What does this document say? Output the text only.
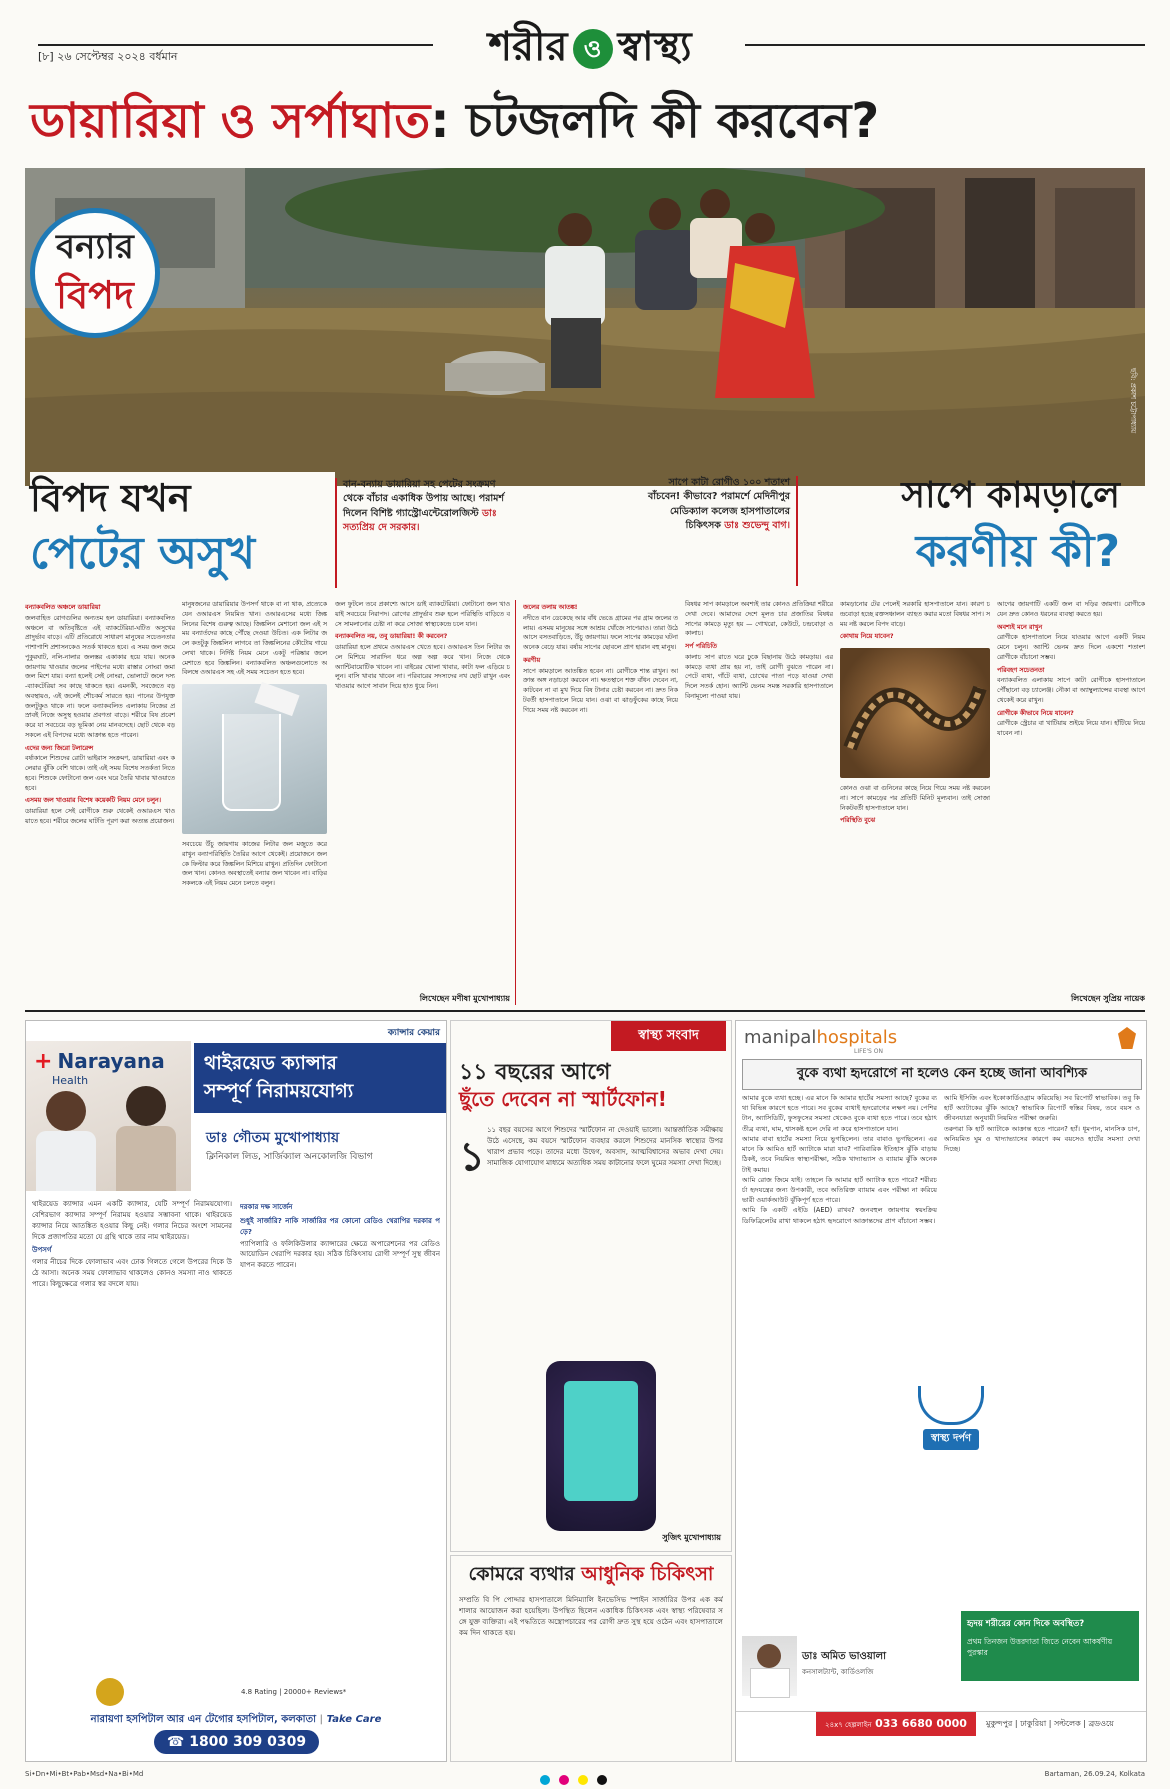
[৮] ২৬ সেপ্টেম্বর ২০২৪ বর্ধমান	শরীর ও স্বাস্থ্য
ডায়ারিয়া ও সর্পাঘাত: চটজলদি কী করবেন?
ছবি: প্রকাশ চট্টোপাধ্যায়
বন্যার
বিপদ
বিপদ যখন
পেটের অসুখ
বান-বন্যায় ডায়ারিয়া সহ পেটের সংক্রমণ থেকে বাঁচার একাধিক উপায় আছে। পরামর্শ দিলেন বিশিষ্ট গ্যাস্ট্রোএন্টেরোলজিস্ট ডাঃ সত্যপ্রিয় দে সরকার।
সাপে কাটা রোগীও ১০০ শতাংশ বাঁচবেন! কীভাবে? পরামর্শে মেদিনীপুর মেডিক্যাল কলেজ হাসপাতালের চিকিৎসক ডাঃ শুভেন্দু বাগ।
সাপে কামড়ালে
করণীয় কী?
বন্যাকবলিত অঞ্চলে ডায়ারিয়া
জলবাহিত রোগগুলির অন্যতম হল ডায়ারিয়া। বন্যাকবলিত অঞ্চলে বা অতিবৃষ্টিতে এই ব্যাকটেরিয়া-ঘটিত অসুখের প্রাদুর্ভাব বাড়ে। এটি প্রতিরোধে সাধারণ মানুষের সচেতনতার পাশাপাশি প্রশাসনকেও সতর্ক থাকতে হবে। এ সময় জল জমে পুকুরঘাট, নলি-নালার জলস্তর একাকার হয়ে যায়। অনেক জায়গায় খাওয়ার জলের পাইপের মধ্যে রাস্তার নোংরা জমা জল মিশে যায়। বন্যা হলেই সেই নোংরা, ভোলাটে জলে দস্য-ব্যাকটেরিয়া সব কাছে থাকতে হয়। এমনকী, সবজেতে বড় অবস্থায়ও, এই জলেই শৌচকর্ম সারতে হয়। পানের উপযুক্ত জলটুকুও থাকে না। ফলে বন্যাকবলিত এলাকায় নিজের প্রস্রাবই নিজে অসুস্থ হওয়ার প্রবণতা বাড়ে। শরীরে বিষ প্রবেশ করে যা সবচেয়ে বড় ভূমিকা নেয় মানবদেহে। ছোট থেকে বড় সকলে এই বিপদের মধ্যে আক্রান্ত হতে পারেন।
এদের জন্য জিরো টলারেন্স
বর্ষাকালে শিশুদের রোটা ভাইরাস সংক্রমণ, ডায়ারিয়া এবং কলেরার ঝুঁকি বেশি থাকে। তাই এই সময় বিশেষ সতর্কতা নিতে হবে। শিশুকে ফোটানো জল এবং ঘরে তৈরি খাবার খাওয়াতে হবে।
এসময় জল খাওয়ার বিশেষ কয়েকটি নিয়ম মেনে চলুন।
ডায়ারিয়া হলে সেই রোগীকে শুরু থেকেই ওআরএস খাওয়াতে হবে। শরীরে জলের ঘাটতি পূরণ করা অত্যন্ত প্রয়োজন।
মানুষজনের ডায়ারিয়ার উপসর্গ থাকে বা না থাক, প্রত্যেকে যেন ওআরএস নিয়মিত খান। ওআরএসের মধ্যে জিঙ্কলিনের বিশেষ গুরুত্ব আছে। জিঙ্কলিন মেশানো জল এই সময় বন্যার্তদের কাছে পৌঁছে দেওয়া উচিত। এক লিটার জলে কতটুকু জিঙ্কলিন লাগবে তা জিঙ্কলিনের কৌটোয় গায়ে লেখা থাকে। নির্দিষ্ট নিয়ম মেনে একটু পরিষ্কার জলে মেশাতে হবে জিঙ্কলিন। বন্যাকবলিত অঞ্চলগুলোতে অবিলম্বে ওআরএস সহ এই সময় সচেতন হতে হবে।
সবচেয়ে উঁচু জায়গায় কাজের লিটার জল মজুতে করে রাখুন বন্যাপরিস্থিতি তৈরির আগে থেকেই। প্রয়োজনে জলকে ফিল্টার করে জিঙ্কলিন মিশিয়ে রাখুন। প্রতিদিন ফোটানো জল খান। কোনও অবস্থাতেই বন্যার জল খাবেন না। বাড়ির সকলকে এই নিয়ম মেনে চলতে বলুন।
জল ফুটলে তবে প্রকাশ্যে আসে ডাই ব্যাকটেরিয়া। ফোটানো জল খাওয়াই সবচেয়ে নিরাপদ। রোগের প্রাদুর্ভাব শুরু হলে পরিস্থিতি বাড়িতে বসে সামলানোর চেষ্টা না করে সোজা স্বাস্থ্যকেন্দ্রে চলে যান।
বন্যাকবলিত নয়, তবু ডায়ারিয়া! কী করবেন?
ডায়ারিয়া হলে প্রথমে ওআরএস খেতে হবে। ওআরএস তিন লিটার জলে মিশিয়ে সারাদিন ধরে অল্প অল্প করে খান। নিজে থেকে অ্যান্টিবায়োটিক খাবেন না। বাইরের খোলা খাবার, কাটা ফল এড়িয়ে চলুন। বাসি খাবার খাবেন না। পরিবারের সদস্যদের নখ ছোট রাখুন এবং খাওয়ার আগে সাবান দিয়ে হাত ধুয়ে নিন।
লিখেছেন মণীষা মুখোপাধ্যায়
জলের তলায় আতঙ্ক!
নদীতে বান ডেকেছে আর বাঁধ ভেঙে গ্রামের পর গ্রাম জলের তলায়। এসময় মানুষের সঙ্গে আশ্রয় খোঁজে সাপেরাও। তারা উঠে আসে বসতবাড়িতে, উঁচু জায়গায়। ফলে সাপের কামড়ের ঘটনা অনেক বেড়ে যায়। বর্ষায় সাপের ছোবলে প্রাণ হারান বহু মানুষ।
করণীয়
সাপে কামড়ালে আতঙ্কিত হবেন না। রোগীকে শান্ত রাখুন। আক্রান্ত অঙ্গ নড়াচড়া করবেন না। ক্ষতস্থানে শক্ত বাঁধন দেবেন না, কাটবেন না বা মুখ দিয়ে বিষ টানার চেষ্টা করবেন না। দ্রুত নিকটবর্তী হাসপাতালে নিয়ে যান। ওঝা বা ঝাড়ফুঁকের কাছে নিয়ে গিয়ে সময় নষ্ট করবেন না।
বিষধর সাপ কামড়ালে অবশ্যই তার কোনও প্রতিক্রিয়া শরীরে দেখা দেবে। আমাদের দেশে মূলত চার প্রজাতির বিষধর সাপের কামড়ে মৃত্যু হয় — গোখরো, কেউটে, চন্দ্রবোড়া ও কালাচ।
সর্প পরিচিতি
কালাচ সাপ রাতে ঘরে ঢুকে বিছানায় উঠে কামড়ায়। এর কামড়ে ব্যথা প্রায় হয় না, তাই রোগী বুঝতে পারেন না। পেটে ব্যথা, গাঁটে ব্যথা, চোখের পাতা পড়ে যাওয়া দেখা দিলে সতর্ক হোন। অ্যান্টি ভেনম সমস্ত সরকারি হাসপাতালে বিনামূল্যে পাওয়া যায়।
কামড়ানোর টের পেলেই সরকারি হাসপাতালে যান। কারণ চন্দ্রবোড়া হচ্ছে রক্তসঞ্চালন ব্যাহত করার মতো বিষধর সাপ। সময় নষ্ট করলে বিপদ বাড়ে।
কোথায় নিয়ে যাবেন?
কোনও ওঝা বা গুনিনের কাছে নিয়ে গিয়ে সময় নষ্ট করবেন না। সাপে কামড়ের পর প্রতিটি মিনিট মূল্যবান। তাই সোজা নিকটবর্তী হাসপাতালে যান।
পরিস্থিতি বুঝে
আগের জায়গাটি একটি জল বা দড়ির জায়গা। রোগীকে যেন দ্রুত কোনও ধরনের ব্যবস্থা করতে হয়।
অবশ্যই মনে রাখুন
রোগীকে হাসপাতালে নিয়ে যাওয়ার আগে একটি নিয়ম মেনে চলুন। অ্যান্টি ভেনম দ্রুত দিলে একশো শতাংশ রোগীকে বাঁচানো সম্ভব।
পরিবহণ সচেতনতা
বন্যাকবলিত এলাকায় সাপে কাটা রোগীকে হাসপাতালে পৌঁছানো বড় চ্যালেঞ্জ। নৌকা বা অ্যাম্বুল্যান্সের ব্যবস্থা আগে থেকেই করে রাখুন।
রোগীকে কীভাবে নিয়ে যাবেন?
রোগীকে স্ট্রেচার বা খাটিয়ায় শুইয়ে নিয়ে যান। হাঁটিয়ে নিয়ে যাবেন না।
লিখেছেন সুপ্রিয় নায়েক
+ Narayana
Health
ক্যান্সার কেয়ার
থাইরয়েড ক্যান্সার
সম্পূর্ণ নিরাময়যোগ্য
ডাঃ গৌতম মুখোপাধ্যায়
ক্লিনিকাল লিড, সার্জিক্যাল অনকোলজি বিভাগ
থাইরয়েড ক্যান্সার এমন একটি ক্যান্সার, যেটি সম্পূর্ণ নিরাময়যোগ্য। বেশিরভাগ ক্যান্সার সম্পূর্ণ নিরাময় হওয়ার সম্ভাবনা থাকে। থাইরয়েড ক্যান্সার নিয়ে আতঙ্কিত হওয়ার কিছু নেই। গলার নিচের অংশে সামনের দিকে প্রজাপতির মতো যে গ্রন্থি থাকে তার নাম থাইরয়েড।
উপসর্গ
গলার নীচের দিকে ফোলাভাব এবং ঢোক গিলতে গেলে উপরের দিকে উঠে আসা। অনেক সময় ফোলাভাব থাকলেও কোনও সমস্যা নাও থাকতে পারে। কিছুক্ষেত্রে গলার স্বর বদলে যায়।
দরকার দক্ষ সার্জেন
শুধুই সার্জারি? নাকি সার্জারির পর কোনো রেডিও থেরাপির দরকার পড়ে?
প্যাপিলারি ও ফলিকিউলার ক্যান্সারের ক্ষেত্রে অপারেশনের পর রেডিও আয়োডিন থেরাপি দরকার হয়। সঠিক চিকিৎসায় রোগী সম্পূর্ণ সুস্থ জীবনযাপন করতে পারেন।
4.8 Rating | 20000+ Reviews*
নারায়ণা হসপিটাল আর এন টেগোর হসপিটাল, কলকাতা | Take Care
☎ 1800 309 0309
স্বাস্থ্য সংবাদ
১১ বছরের আগে
ছুঁতে দেবেন না স্মার্টফোন!
১
১১ বছর বয়সের আগে শিশুদের স্মার্টফোন না দেওয়াই ভালো। আন্তর্জাতিক সমীক্ষায় উঠে এসেছে, কম বয়সে স্মার্টফোন ব্যবহার করলে শিশুদের মানসিক স্বাস্থ্যের উপর খারাপ প্রভাব পড়ে। তাদের মধ্যে উদ্বেগ, অবসাদ, আত্মবিশ্বাসের অভাব দেখা দেয়। সামাজিক যোগাযোগ মাধ্যমে অত্যধিক সময় কাটানোর ফলে ঘুমের সমস্যা দেখা দিচ্ছে।
সুজিৎ মুখোপাধ্যায়
কোমরে ব্যথার আধুনিক চিকিৎসা
সম্প্রতি বি পি পোদ্দার হাসপাতালে মিনিম্যালি ইনভেসিভ স্পাইন সার্জারির উপর এক কর্মশালার আয়োজন করা হয়েছিল। উপস্থিত ছিলেন একাধিক চিকিৎসক এবং স্বাস্থ্য পরিষেবার সঙ্গে যুক্ত ব্যক্তিরা। এই পদ্ধতিতে অস্ত্রোপচারের পর রোগী দ্রুত সুস্থ হয়ে ওঠেন এবং হাসপাতালে কম দিন থাকতে হয়।
manipalhospitals
LIFE'S ON
বুকে ব্যথা হৃদরোগে না হলেও কেন হচ্ছে জানা আবশ্যিক
আমার বুকে ব্যথা হচ্ছে। এর মানে কি আমার হার্টের সমস্যা আছে? বুকের ব্যথা বিভিন্ন কারণে হতে পারে। সব বুকের ব্যথাই হৃদরোগের লক্ষণ নয়। পেশির টান, অ্যাসিডিটি, ফুসফুসের সমস্যা থেকেও বুকে ব্যথা হতে পারে। তবে হঠাৎ তীব্র ব্যথা, ঘাম, শ্বাসকষ্ট হলে দেরি না করে হাসপাতালে যান।
আমার বাবা হার্টের সমস্যা নিয়ে ভুগছিলেন। তার বাবাও ভুগছিলেন। এর মানে কি আমিও হার্ট অ্যাটাকে মারা যাব? পারিবারিক ইতিহাস ঝুঁকি বাড়ায় ঠিকই, তবে নিয়মিত স্বাস্থ্যপরীক্ষা, সঠিক খাদ্যাভ্যাস ও ব্যায়াম ঝুঁকি অনেকটাই কমায়।
আমি রোজ জিমে যাই। তাহলে কি আমার হার্ট অ্যাটাক হতে পারে? শরীরচর্চা হৃদযন্ত্রের জন্য উপকারী, তবে অতিরিক্ত ব্যায়াম এবং পরীক্ষা না করিয়ে ভারী ওয়ার্কআউট ঝুঁকিপূর্ণ হতে পারে।
আমি কি একটি এইডি (AED) রাখব? জনবহুল জায়গায় স্বয়ংক্রিয় ডিফিব্রিলেটর রাখা থাকলে হঠাৎ হৃদরোগে আক্রান্তদের প্রাণ বাঁচানো সম্ভব।
আমি ইসিজি এবং ইকোকার্ডিওগ্রাম করিয়েছি। সব রিপোর্ট স্বাভাবিক। তবু কি হার্ট অ্যাটাকের ঝুঁকি আছে? স্বাভাবিক রিপোর্ট স্বস্তির বিষয়, তবে বয়স ও জীবনযাত্রা অনুযায়ী নিয়মিত পরীক্ষা জরুরি।
তরুণরা কি হার্ট অ্যাটাকে আক্রান্ত হতে পারেন? হ্যাঁ। ধূমপান, মানসিক চাপ, অনিয়মিত ঘুম ও খাদ্যাভ্যাসের কারণে কম বয়সেও হার্টের সমস্যা দেখা দিচ্ছে।
স্বাস্থ্য দর্পণ
ডাঃ অমিত ভাওয়ালা
কনসালট্যান্ট, কার্ডিওলজি
হৃদয় শরীরের কোন দিকে অবস্থিত?
প্রথম তিনজন উত্তরদাতা জিতে নেবেন আকর্ষণীয় পুরস্কার
২৪x৭ হেল্পলাইন 033 6680 0000	মুকুন্দপুর | ঢাকুরিয়া | সল্টলেক | ব্রডওয়ে
Si•Dn•Mi•Bt•Pab•Msd•Na•Bi•Md
	Bartaman, 26.09.24, Kolkata
